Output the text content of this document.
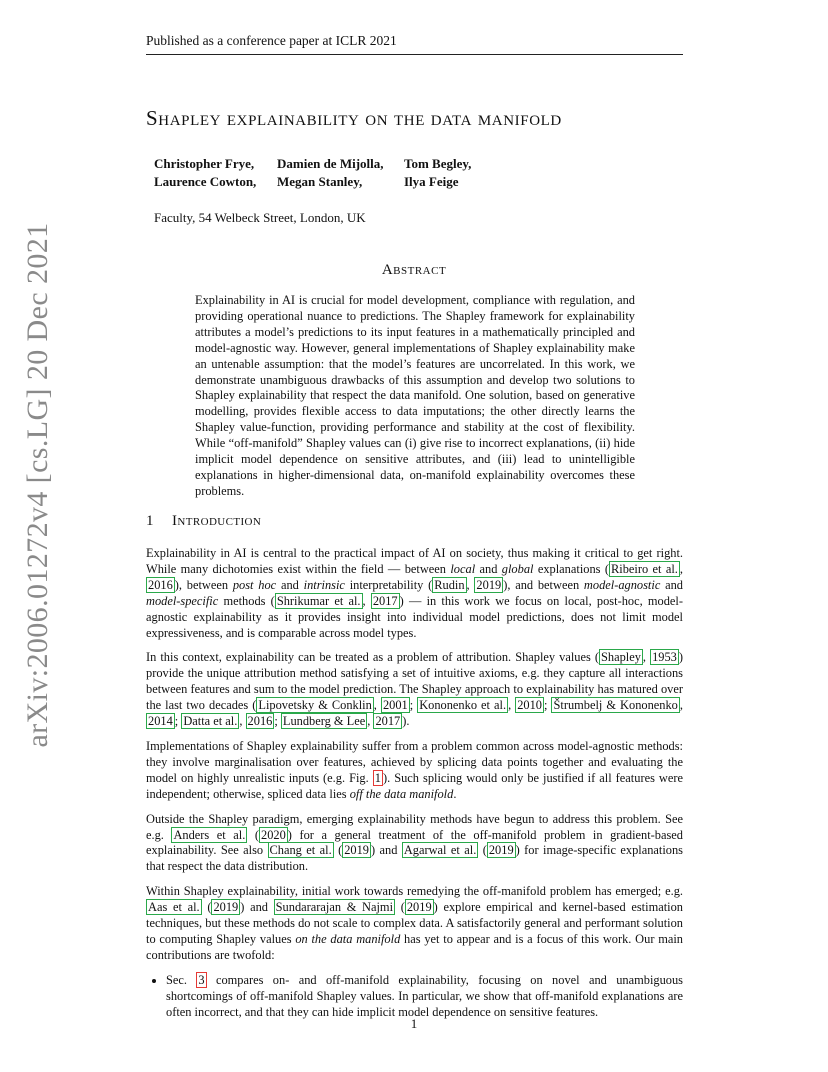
Published as a conference paper at ICLR 2021
arXiv:2006.01272v4 [cs.LG] 20 Dec 2021
Shapley explainability on the data manifold
Christopher Frye,	Damien de Mijolla,	Tom Begley,
Laurence Cowton,	Megan Stanley,	Ilya Feige
Faculty, 54 Welbeck Street, London, UK
Abstract

Explainability in AI is crucial for model development, compliance with regulation, and providing operational nuance to predictions. The Shapley framework for explainability attributes a model’s predictions to its input features in a mathematically principled and model-agnostic way. However, general implementations of Shapley explainability make an untenable assumption: that the model’s features are uncorrelated. In this work, we demonstrate unambiguous drawbacks of this assumption and develop two solutions to Shapley explainability that respect the data manifold. One solution, based on generative modelling, provides flexible access to data imputations; the other directly learns the Shapley value-function, providing performance and stability at the cost of flexibility. While “off-manifold” Shapley values can (i) give rise to incorrect explanations, (ii) hide implicit model dependence on sensitive attributes, and (iii) lead to unintelligible explanations in higher-dimensional data, on-manifold explainability overcomes these problems.

1 Introduction

Explainability in AI is central to the practical impact of AI on society, thus making it critical to get right. While many dichotomies exist within the field — between local and global explanations ( Ribeiro et al. , 2016 ), between post hoc and intrinsic interpretability ( Rudin , 2019 ), and between model-agnostic and model-specific methods ( Shrikumar et al. , 2017 ) — in this work we focus on local, post-hoc, model-agnostic explainability as it provides insight into individual model predictions, does not limit model expressiveness, and is comparable across model types.

In this context, explainability can be treated as a problem of attribution. Shapley values ( Shapley , 1953 ) provide the unique attribution method satisfying a set of intuitive axioms, e.g. they capture all interactions between features and sum to the model prediction. The Shapley approach to explainability has matured over the last two decades ( Lipovetsky & Conklin , 2001 ; Kononenko et al. , 2010 ; Štrumbelj & Kononenko , 2014 ; Datta et al. , 2016 ; Lundberg & Lee , 2017 ).

Implementations of Shapley explainability suffer from a problem common across model-agnostic methods: they involve marginalisation over features, achieved by splicing data points together and evaluating the model on highly unrealistic inputs (e.g. Fig. 1 ). Such splicing would only be justified if all features were independent; otherwise, spliced data lies off the data manifold.

Outside the Shapley paradigm, emerging explainability methods have begun to address this problem. See e.g. Anders et al. ( 2020 ) for a general treatment of the off-manifold problem in gradient-based explainability. See also Chang et al. ( 2019 ) and Agarwal et al. ( 2019 ) for image-specific explanations that respect the data distribution.

Within Shapley explainability, initial work towards remedying the off-manifold problem has emerged; e.g. Aas et al. ( 2019 ) and Sundararajan & Najmi ( 2019 ) explore empirical and kernel-based estimation techniques, but these methods do not scale to complex data. A satisfactorily general and performant solution to computing Shapley values on the data manifold has yet to appear and is a focus of this work. Our main contributions are twofold:

• Sec. 3 compares on- and off-manifold explainability, focusing on novel and unambiguous shortcomings of off-manifold Shapley values. In particular, we show that off-manifold explanations are often incorrect, and that they can hide implicit model dependence on sensitive features.
1
